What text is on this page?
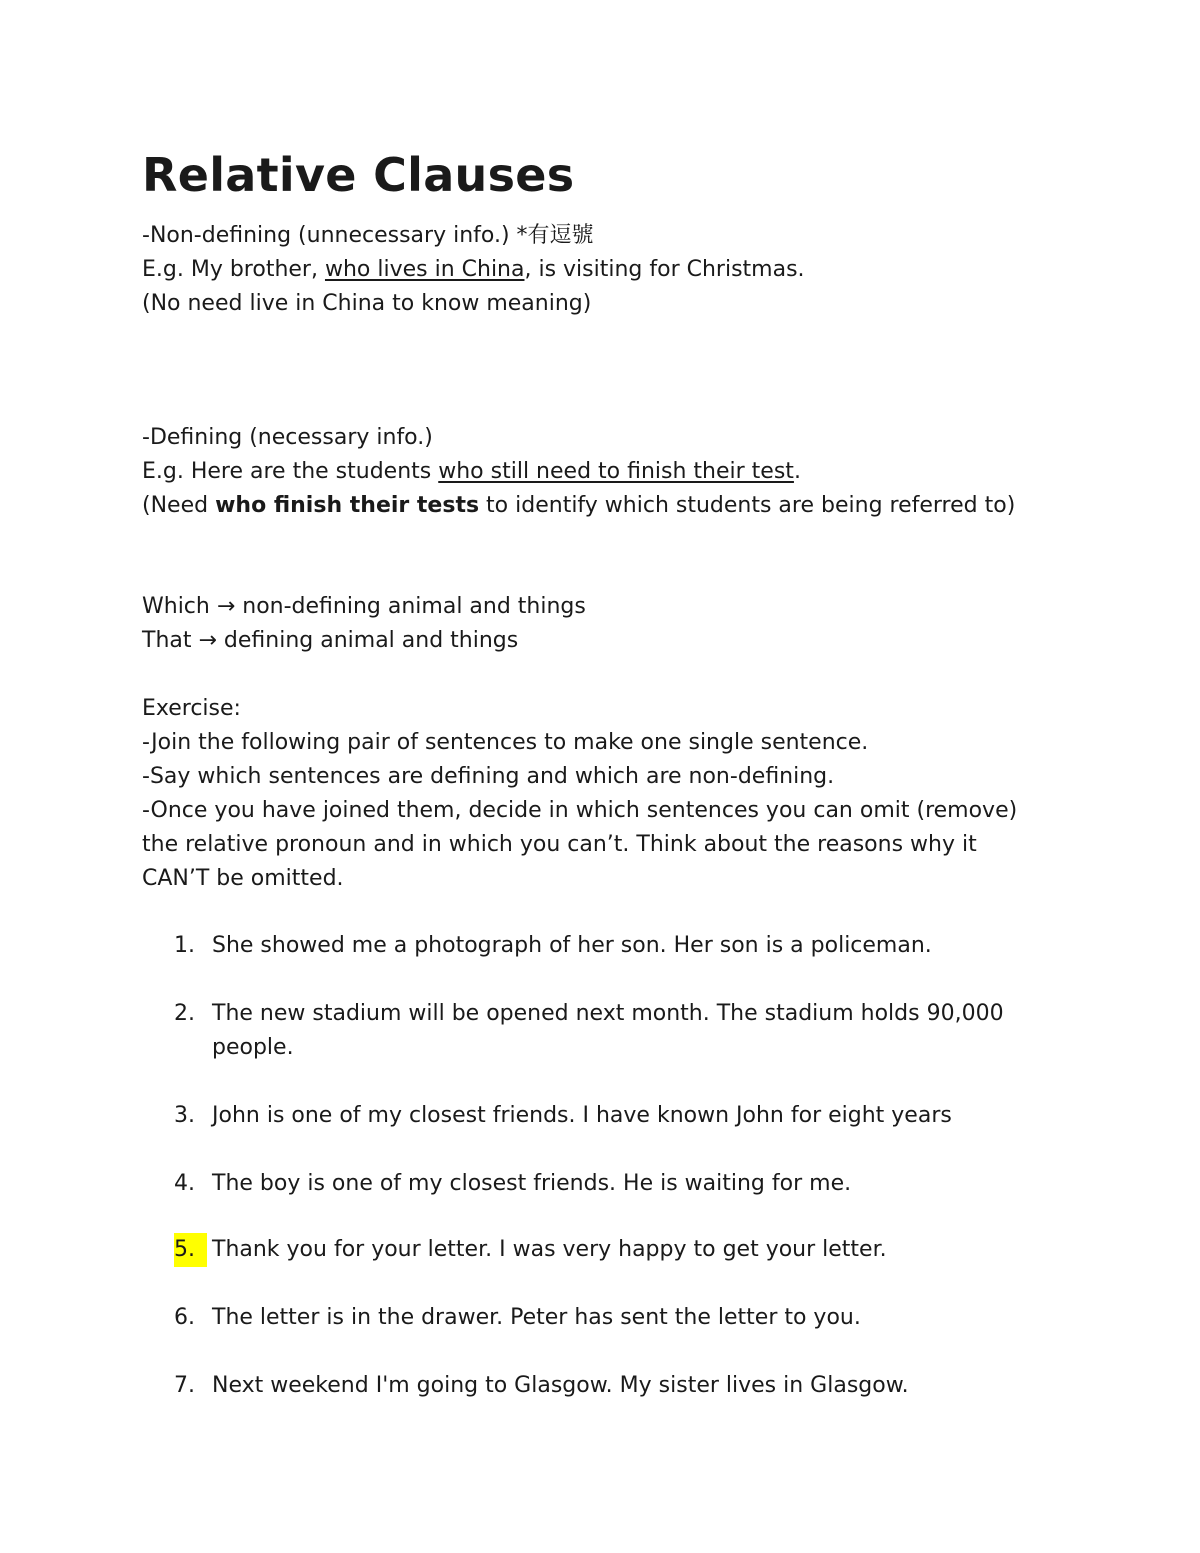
Relative Clauses
-Non-defining (unnecessary info.) *有逗號
E.g. My brother, who lives in China, is visiting for Christmas.
(No need live in China to know meaning)
-Defining (necessary info.)
E.g. Here are the students who still need to finish their test.
(Need who finish their tests to identify which students are being referred to)
Which → non-defining animal and things
That → defining animal and things
Exercise:
-Join the following pair of sentences to make one single sentence.
-Say which sentences are defining and which are non-defining.
-Once you have joined them, decide in which sentences you can omit (remove)
the relative pronoun and in which you can’t. Think about the reasons why it
CAN’T be omitted.
1. She showed me a photograph of her son. Her son is a policeman.
2. The new stadium will be opened next month. The stadium holds 90,000
people.
3. John is one of my closest friends. I have known John for eight years
4. The boy is one of my closest friends. He is waiting for me.
5. Thank you for your letter. I was very happy to get your letter.
6. The letter is in the drawer. Peter has sent the letter to you.
7. Next weekend I'm going to Glasgow. My sister lives in Glasgow.
